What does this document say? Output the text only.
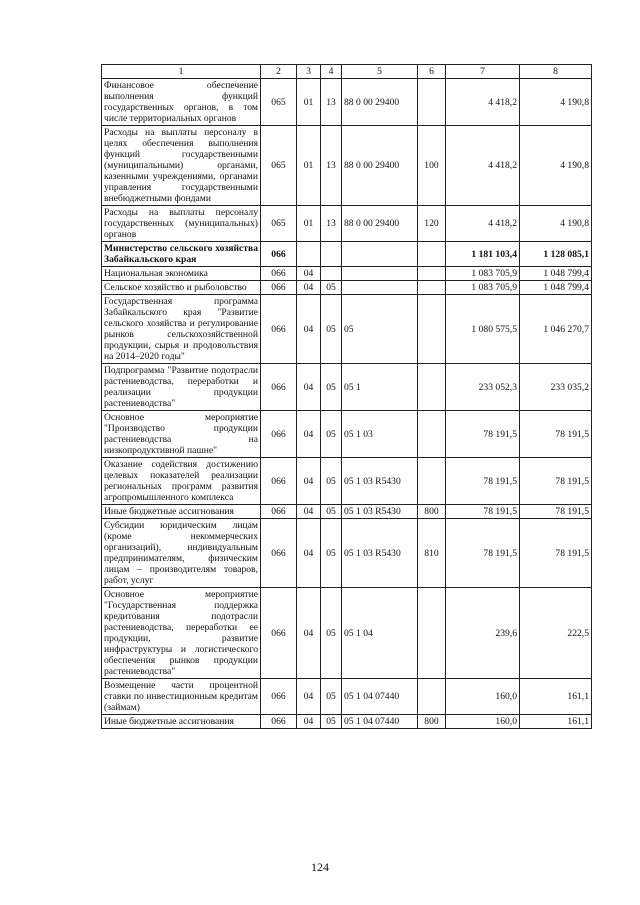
1	2	3	4	5	6	7	8
Финансовое обеспечение выполнения функций государственных органов, в том числе территориальных органов	065	01	13	88 0 00 29400		4 418,2	4 190,8
Расходы на выплаты персоналу в целях обеспечения выполнения функций государственными (муниципальными) органами, казенными учреждениями, органами управления государственными внебюджетными фондами	065	01	13	88 0 00 29400	100	4 418,2	4 190,8
Расходы на выплаты персоналу государственных (муниципальных) органов	065	01	13	88 0 00 29400	120	4 418,2	4 190,8
Министерство сельского хозяйства Забайкальского края	066					1 181 103,4	1 128 085,1
Национальная экономика	066	04				1 083 705,9	1 048 799,4
Сельское хозяйство и рыболовство	066	04	05			1 083 705,9	1 048 799,4
Государственная программа Забайкальского края "Развитие сельского хозяйства и регулирование рынков сельскохозяйственной продукции, сырья и продовольствия на 2014–2020 годы"	066	04	05	05		1 080 575,5	1 046 270,7
Подпрограмма "Развитие подотрасли растениеводства, переработки и реализации продукции растениеводства"	066	04	05	05 1		233 052,3	233 035,2
Основное мероприятие "Производство продукции растениеводства на низкопродуктивной пашне"	066	04	05	05 1 03		78 191,5	78 191,5
Оказание содействия достижению целевых показателей реализации региональных программ развития агропромышленного комплекса	066	04	05	05 1 03 R5430		78 191,5	78 191,5
Иные бюджетные ассигнования	066	04	05	05 1 03 R5430	800	78 191,5	78 191,5
Субсидии юридическим лицам (кроме некоммерческих организаций), индивидуальным предпринимателям, физическим лицам – производителям товаров, работ, услуг	066	04	05	05 1 03 R5430	810	78 191,5	78 191,5
Основное мероприятие "Государственная поддержка кредитования подотрасли растениеводства, переработки ее продукции, развитие инфраструктуры и логистического обеспечения рынков продукции растениеводства"	066	04	05	05 1 04		239,6	222,5
Возмещение части процентной ставки по инвестиционным кредитам (займам)	066	04	05	05 1 04 07440		160,0	161,1
Иные бюджетные ассигнования	066	04	05	05 1 04 07440	800	160,0	161,1
124
